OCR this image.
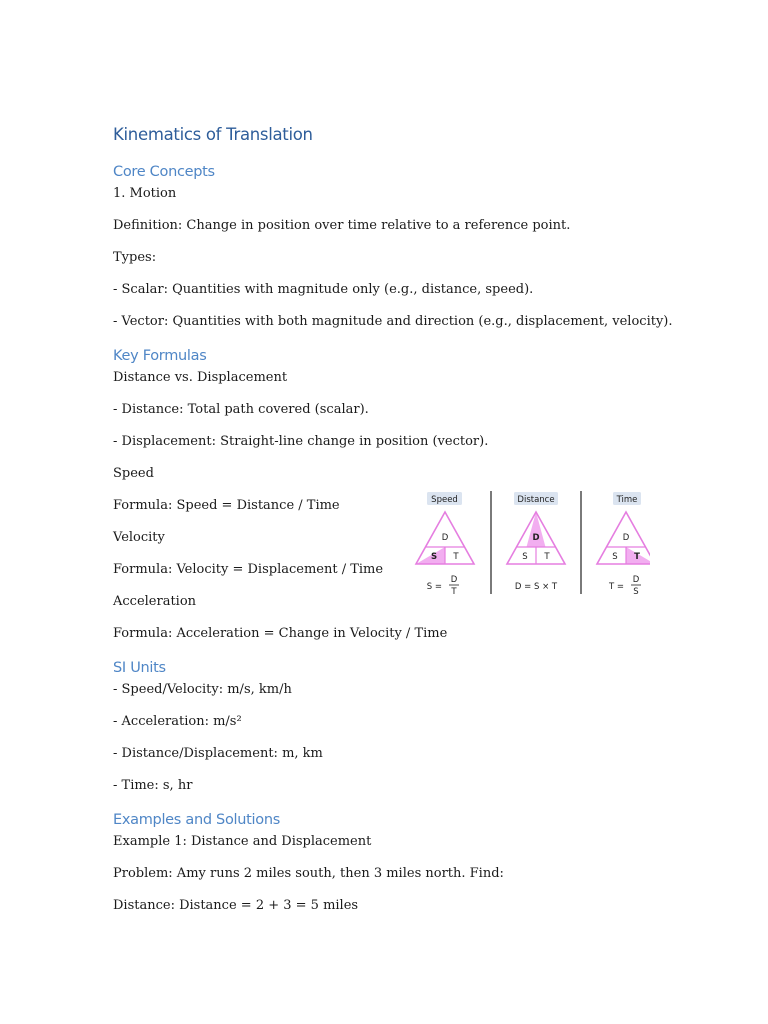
Kinematics of Translation
Core Concepts
1. Motion
Definition: Change in position over time relative to a reference point.
Types:
- Scalar: Quantities with magnitude only (e.g., distance, speed).
- Vector: Quantities with both magnitude and direction (e.g., displacement, velocity).
Key Formulas
Distance vs. Displacement
- Distance: Total path covered (scalar).
- Displacement: Straight-line change in position (vector).
Speed
Formula: Speed = Distance / Time
Velocity
Formula: Velocity = Displacement / Time
Acceleration
Formula: Acceleration = Change in Velocity / Time
SI Units
- Speed/Velocity: m/s, km/h
- Acceleration: m/s²
- Distance/Displacement: m, km
- Time: s, hr
Examples and Solutions
Example 1: Distance and Displacement
Problem: Amy runs 2 miles south, then 3 miles north. Find:
Distance: Distance = 2 + 3 = 5 miles
Speed
D
S T
S =
D
T
Distance
D
S T
D = S × T
Time
D
S T
T =
D
S
